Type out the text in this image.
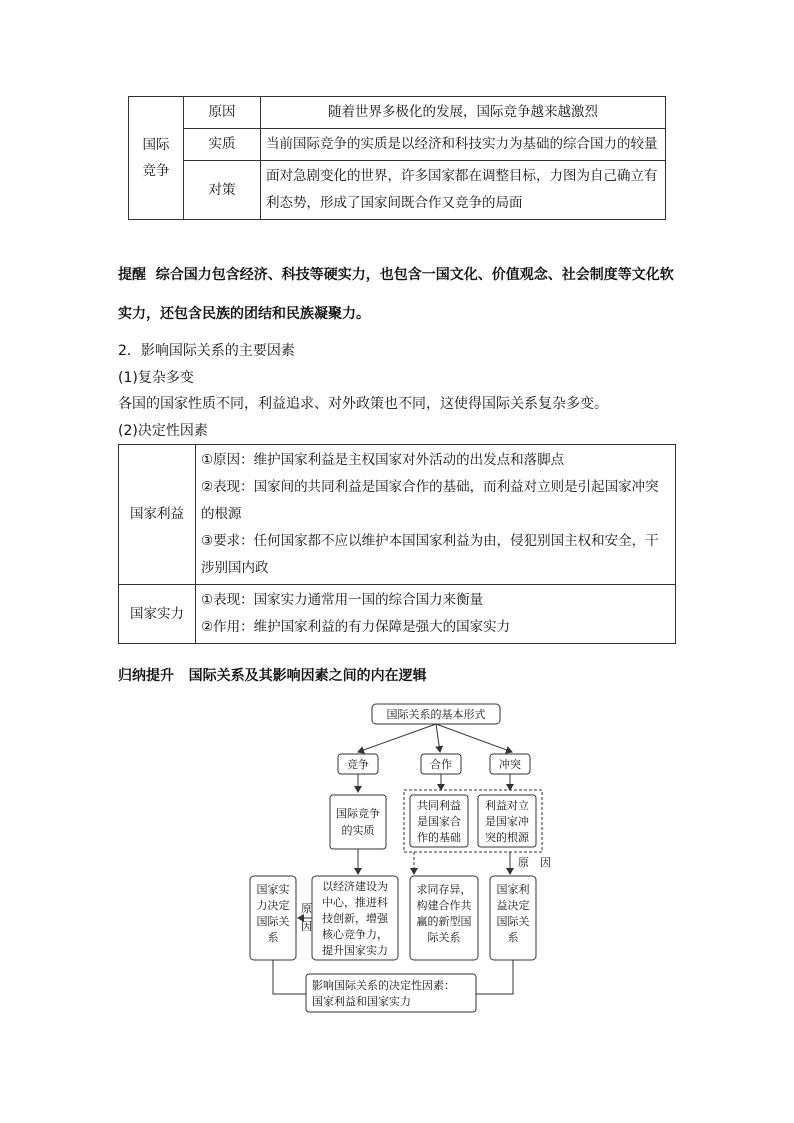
国际
竞争	原因	随着世界多极化的发展，国际竞争越来越激烈
	实质	当前国际竞争的实质是以经济和科技实力为基础的综合国力的较量
	对策	面对急剧变化的世界，许多国家都在调整目标，力图为自己确立有利态势，形成了国家间既合作又竞争的局面
提醒 综合国力包含经济、科技等硬实力，也包含一国文化、价值观念、社会制度等文化软
实力，还包含民族的团结和民族凝聚力。
2．影响国际关系的主要因素
(1)复杂多变
各国的国家性质不同，利益追求、对外政策也不同，这使得国际关系复杂多变。
(2)决定性因素
国家利益	①原因：维护国家利益是主权国家对外活动的出发点和落脚点
②表现：国家间的共同利益是国家合作的基础，而利益对立则是引起国家冲突的根源
③要求：任何国家都不应以维护本国国家利益为由，侵犯别国主权和安全，干涉别国内政

国家实力	①表现：国家实力通常用一国的综合国力来衡量
②作用：维护国家利益的有力保障是强大的国家实力
归纳提升 国际关系及其影响因素之间的内在逻辑
国际关系的基本形式
竞争	合作	冲突
国际竞争
的实质
共同利益
是国家合
作的基础
利益对立
是国家冲
突的根源
原　因
国家实
力决定
国际关
系
原
因
以经济建设为
中心，推进科
技创新，增强
核心竞争力，
提升国家实力
求同存异，
构建合作共
赢的新型国
际关系
国家利
益决定
国际关
系
影响国际关系的决定性因素：
国家利益和国家实力
